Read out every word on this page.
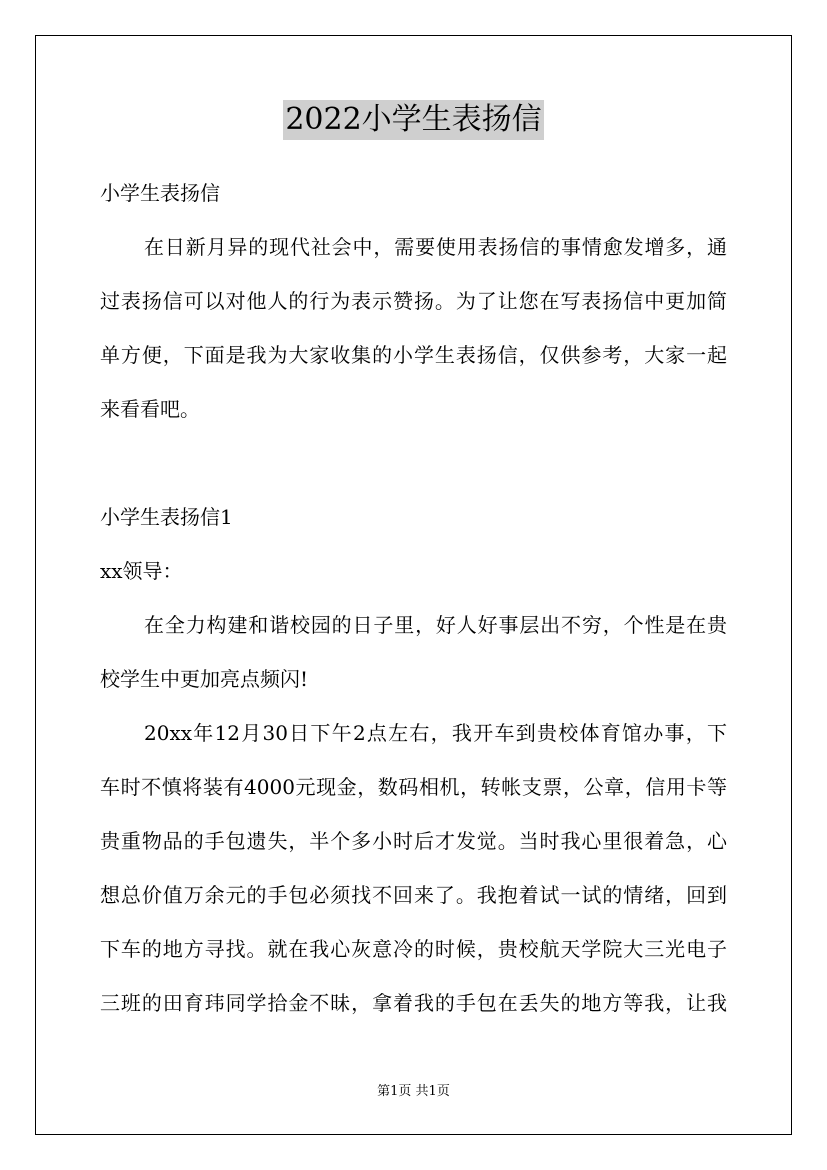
2022小学生表扬信
小学生表扬信
在日新月异的现代社会中，需要使用表扬信的事情愈发增多，通
过表扬信可以对他人的行为表示赞扬。为了让您在写表扬信中更加简
单方便，下面是我为大家收集的小学生表扬信，仅供参考，大家一起
来看看吧。
小学生表扬信1
xx领导：
在全力构建和谐校园的日子里，好人好事层出不穷，个性是在贵
校学生中更加亮点频闪!
20xx年12月30日下午2点左右，我开车到贵校体育馆办事，下
车时不慎将装有4000元现金，数码相机，转帐支票，公章，信用卡等
贵重物品的手包遗失，半个多小时后才发觉。当时我心里很着急，心
想总价值万余元的手包必须找不回来了。我抱着试一试的情绪，回到
下车的地方寻找。就在我心灰意冷的时候，贵校航天学院大三光电子
三班的田育玮同学拾金不昧，拿着我的手包在丢失的地方等我，让我
第1页 共1页
